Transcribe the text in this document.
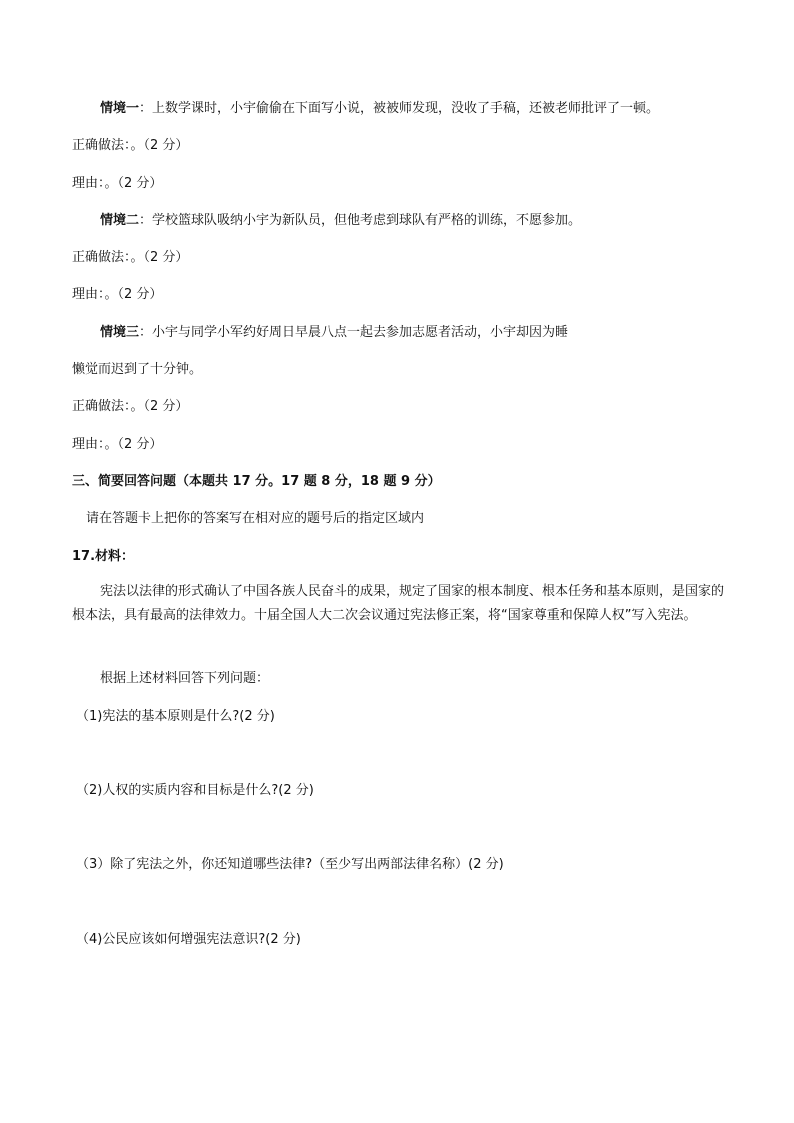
情境一：上数学课时，小宇偷偷在下面写小说，被被师发现，没收了手稿，还被老师批评了一顿。
正确做法：。（2 分）
理由：。（2 分）
情境二：学校篮球队吸纳小宇为新队员，但他考虑到球队有严格的训练，不愿参加。
正确做法：。（2 分）
理由：。（2 分）
情境三：小宇与同学小军约好周日早晨八点一起去参加志愿者活动，小宇却因为睡
懒觉而迟到了十分钟。
正确做法：。（2 分）
理由：。（2 分）
三、简要回答问题（本题共 17 分。17 题 8 分，18 题 9 分）
请在答题卡上把你的答案写在相对应的题号后的指定区域内
17.材料：
宪法以法律的形式确认了中国各族人民奋斗的成果，规定了国家的根本制度、根本任务和基本原则，是国家的根本法，具有最高的法律效力。十届全国人大二次会议通过宪法修正案，将“国家尊重和保障人权”写入宪法。
根据上述材料回答下列问题：
（1)宪法的基本原则是什么?(2 分)
（2)人权的实质内容和目标是什么?(2 分)
（3）除了宪法之外，你还知道哪些法律?（至少写出两部法律名称）(2 分)
（4)公民应该如何增强宪法意识?(2 分)
